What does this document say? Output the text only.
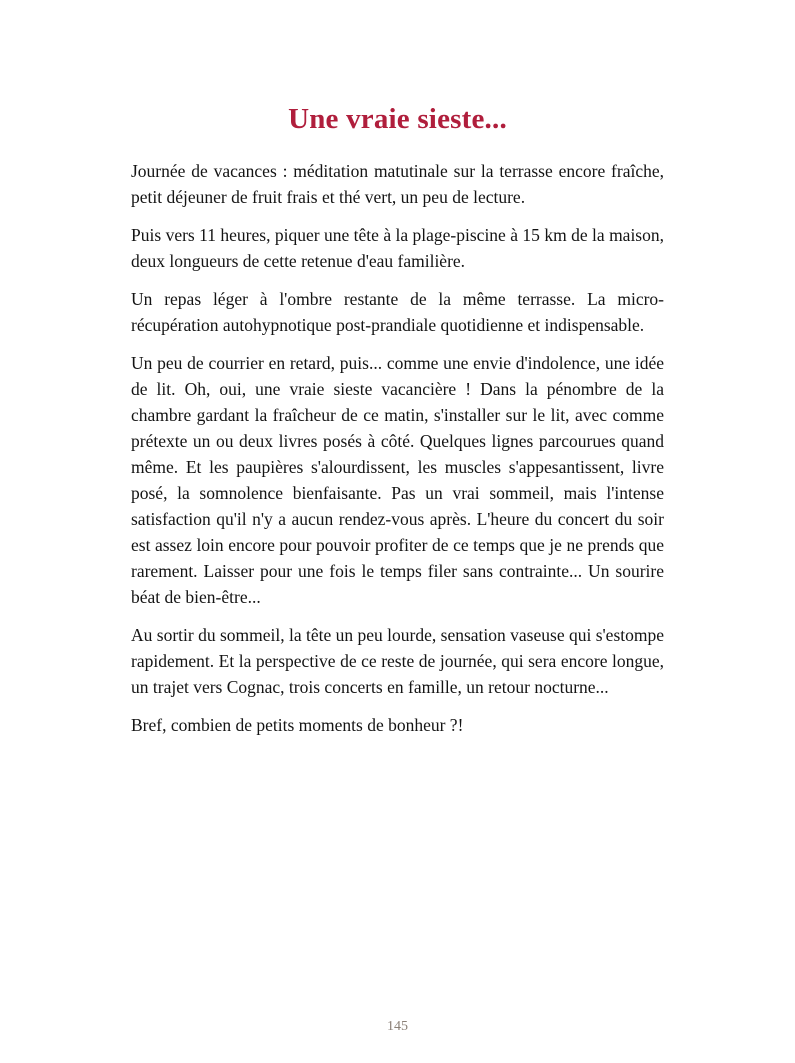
Une vraie sieste...

Journée de vacances : méditation matutinale sur la terrasse encore fraîche, petit déjeuner de fruit frais et thé vert, un peu de lecture.

Puis vers 11 heures, piquer une tête à la plage-piscine à 15 km de la maison, deux longueurs de cette retenue d'eau familière.

Un repas léger à l'ombre restante de la même terrasse. La micro-récupération autohypnotique post-prandiale quotidienne et indispensable.

Un peu de courrier en retard, puis... comme une envie d'indolence, une idée de lit. Oh, oui, une vraie sieste vacancière ! Dans la pénombre de la chambre gardant la fraîcheur de ce matin, s'installer sur le lit, avec comme prétexte un ou deux livres posés à côté. Quelques lignes parcourues quand même. Et les paupières s'alourdissent, les muscles s'appesantissent, livre posé, la somnolence bienfaisante. Pas un vrai sommeil, mais l'intense satisfaction qu'il n'y a aucun rendez-vous après. L'heure du concert du soir est assez loin encore pour pouvoir profiter de ce temps que je ne prends que rarement. Laisser pour une fois le temps filer sans contrainte... Un sourire béat de bien-être...

Au sortir du sommeil, la tête un peu lourde, sensation vaseuse qui s'estompe rapidement. Et la perspective de ce reste de journée, qui sera encore longue, un trajet vers Cognac, trois concerts en famille, un retour nocturne...

Bref, combien de petits moments de bonheur ?!

145
